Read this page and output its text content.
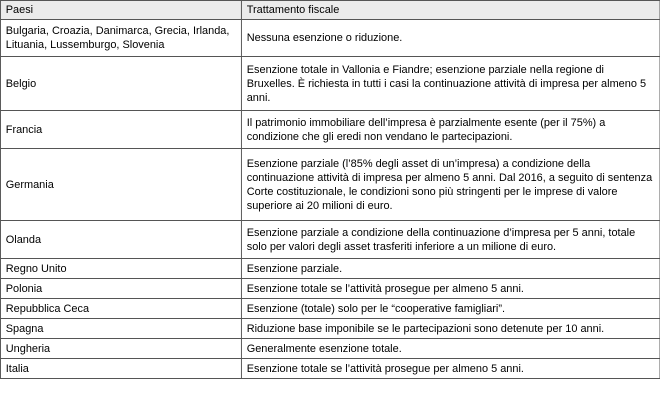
Paesi	Trattamento fiscale
Bulgaria, Croazia, Danimarca, Grecia, Irlanda, Lituania, Lussemburgo, Slovenia	Nessuna esenzione o riduzione.
Belgio	Esenzione totale in Vallonia e Fiandre; esenzione parziale nella regione di Bruxelles. È richiesta in tutti i casi la continuazione attività di impresa per almeno 5 anni.
Francia	Il patrimonio immobiliare dell’impresa è parzialmente esente (per il 75%) a condizione che gli eredi non vendano le partecipazioni.
Germania	Esenzione parziale (l’85% degli asset di un’impresa) a condizione della continuazione attività di impresa per almeno 5 anni. Dal 2016, a seguito di sentenza Corte costituzionale, le condizioni sono più stringenti per le imprese di valore superiore ai 20 milioni di euro.
Olanda	Esenzione parziale a condizione della continuazione d’impresa per 5 anni, totale solo per valori degli asset trasferiti inferiore a un milione di euro.
Regno Unito	Esenzione parziale.
Polonia	Esenzione totale se l’attività prosegue per almeno 5 anni.
Repubblica Ceca	Esenzione (totale) solo per le “cooperative famigliari”.
Spagna	Riduzione base imponibile se le partecipazioni sono detenute per 10 anni.
Ungheria	Generalmente esenzione totale.
Italia	Esenzione totale se l’attività prosegue per almeno 5 anni.
